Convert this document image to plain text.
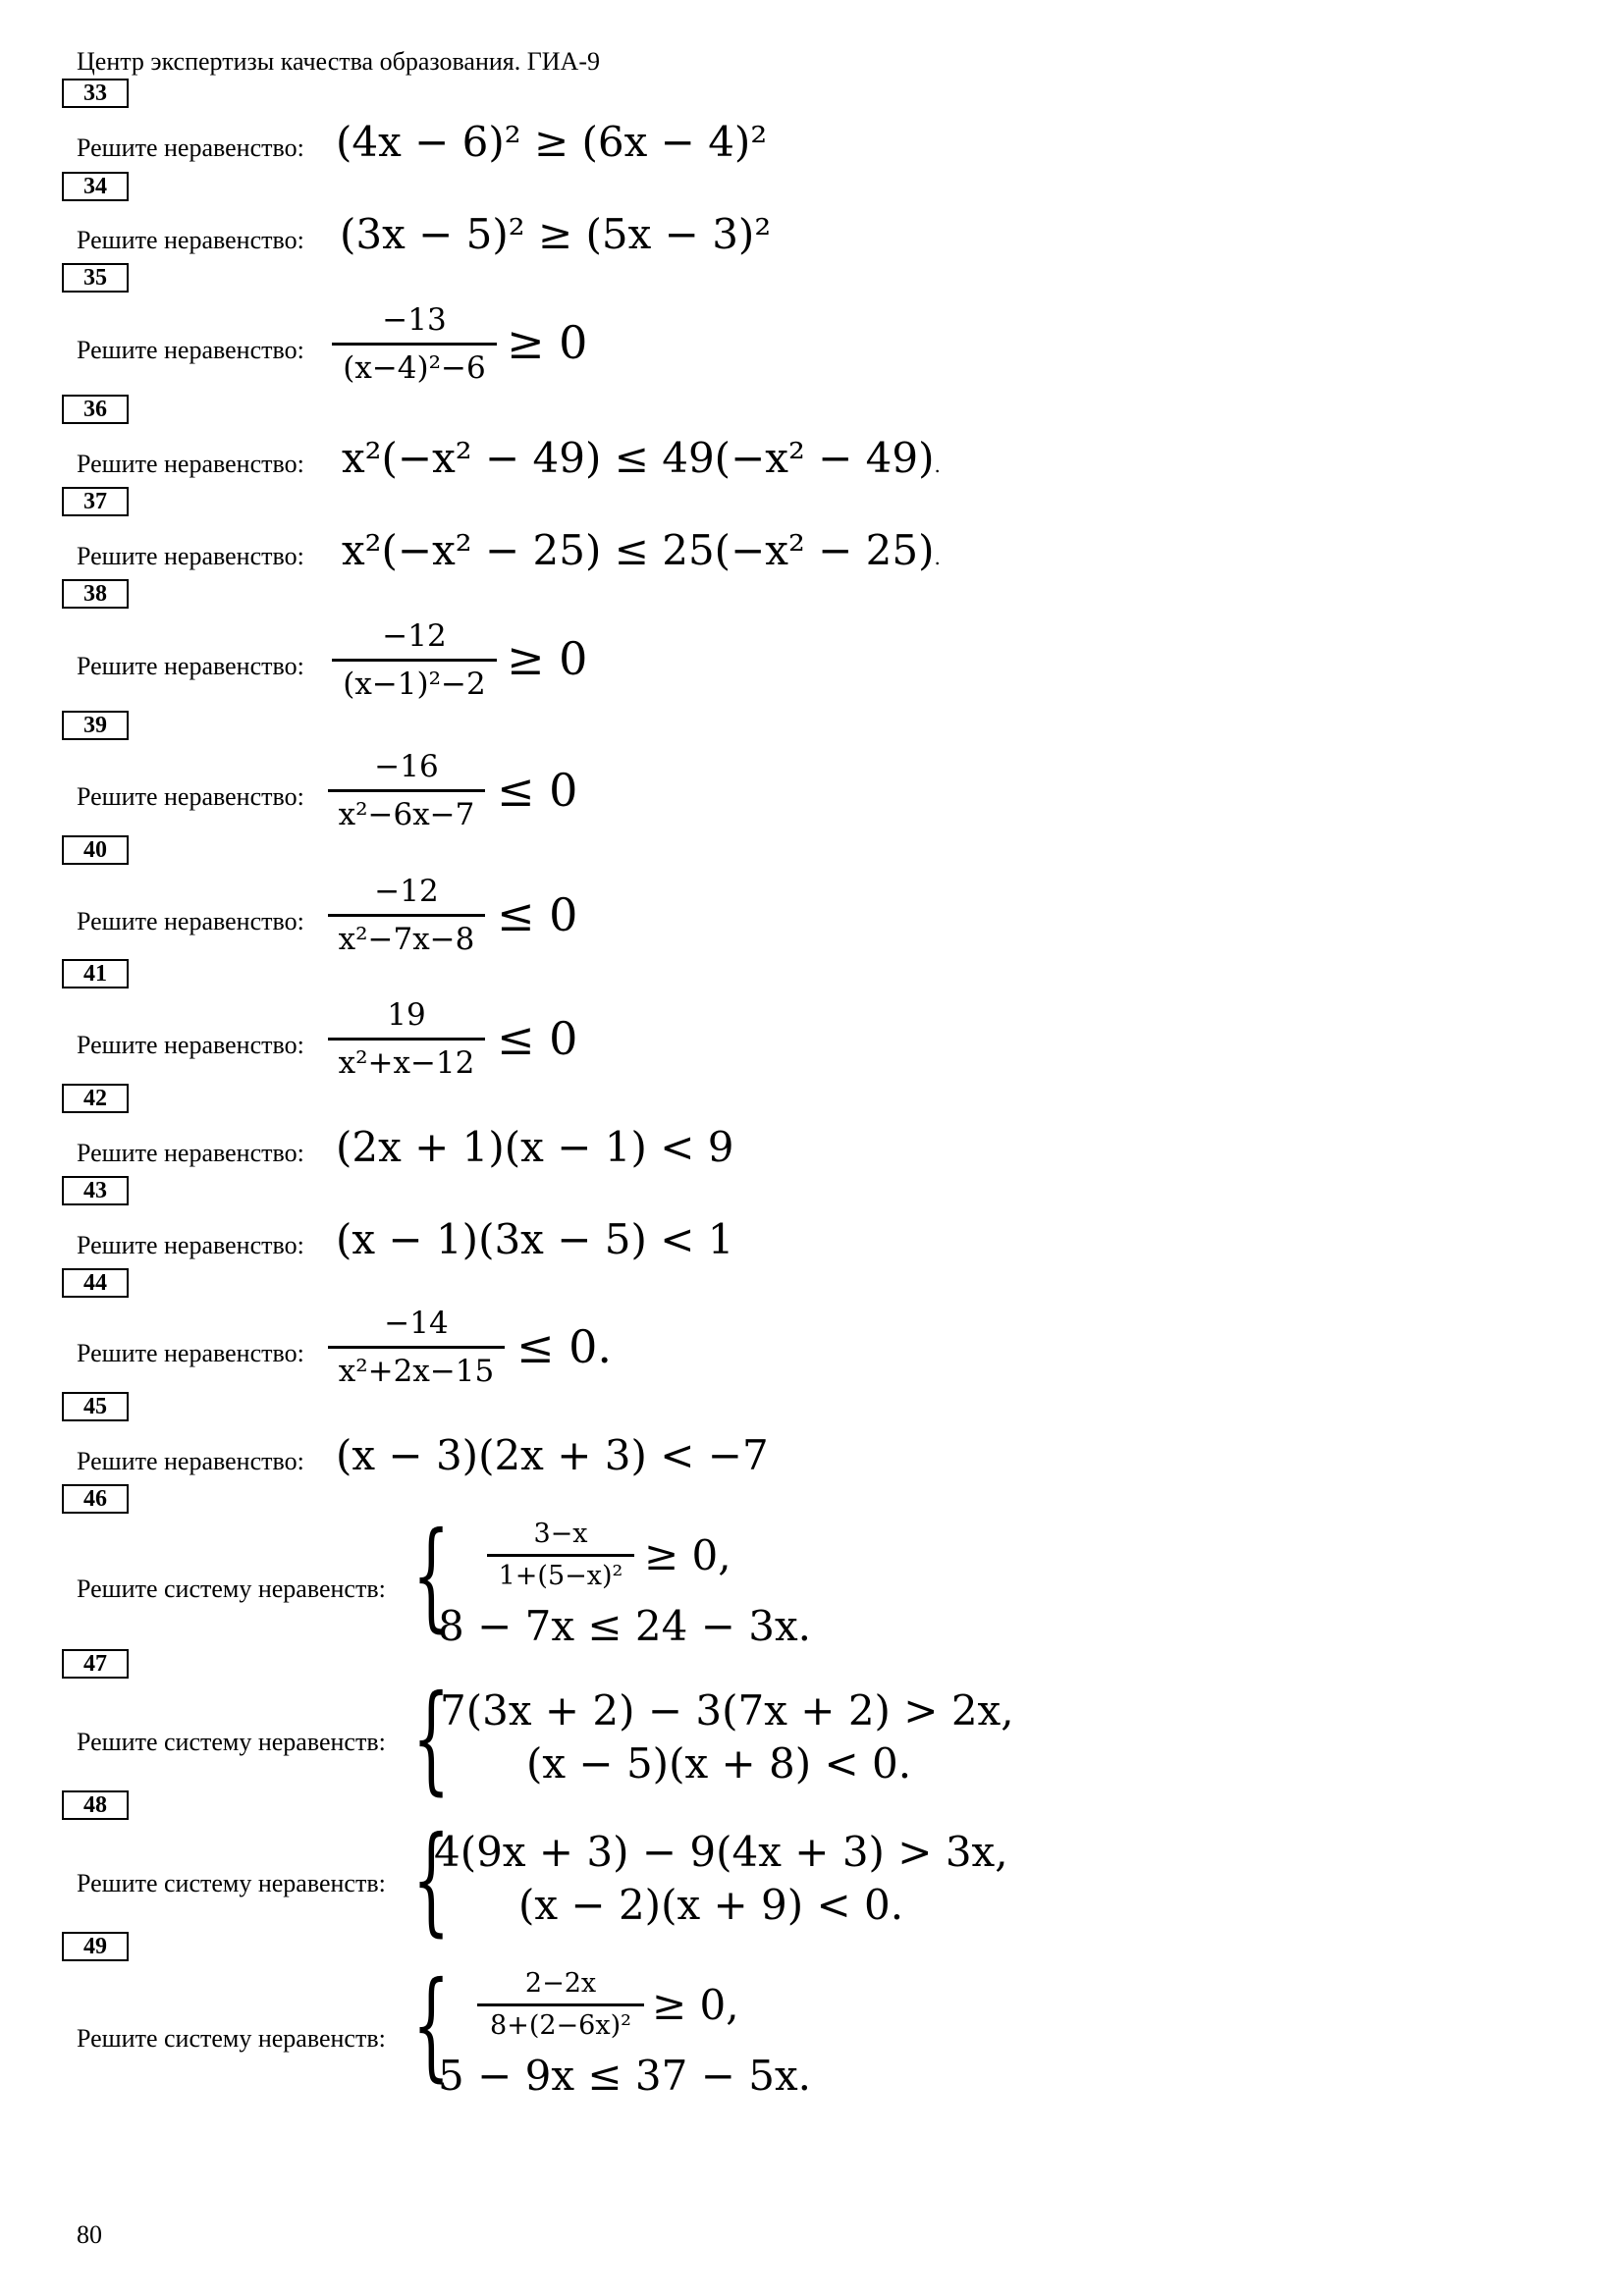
Центр экспертизы качества образования. ГИА-9
33
Решите неравенство: (4x − 6)² ≥ (6x − 4)²
34
Решите неравенство: (3x − 5)² ≥ (5x − 3)²
35
Решите неравенство:
−13
(x−4)²−6 ≥ 0
36
Решите неравенство: x²(−x² − 49) ≤ 49(−x² − 49).
37
Решите неравенство: x²(−x² − 25) ≤ 25(−x² − 25).
38
Решите неравенство:
−12
(x−1)²−2 ≥ 0
39
Решите неравенство:
−16
x²−6x−7 ≤ 0
40
Решите неравенство:
−12
x²−7x−8 ≤ 0
41
Решите неравенство:
19
x²+x−12 ≤ 0
42
Решите неравенство: (2x + 1)(x − 1) < 9
43
Решите неравенство: (x − 1)(3x − 5) < 1
44
Решите неравенство:
−14
x²+2x−15 ≤ 0.
45
Решите неравенство: (x − 3)(2x + 3) < −7
46
Решите систему неравенств: {	3−x
1+(5−x)² ≥ 0,
8 − 7x ≤ 24 − 3x.
47
Решите систему неравенств: {
7(3x + 2) − 3(7x + 2) > 2x,
(x − 5)(x + 8) < 0.
48
Решите систему неравенств: {
4(9x + 3) − 9(4x + 3) > 3x,
(x − 2)(x + 9) < 0.
49
Решите систему неравенств: {	2−2x
8+(2−6x)² ≥ 0,
5 − 9x ≤ 37 − 5x.
80
